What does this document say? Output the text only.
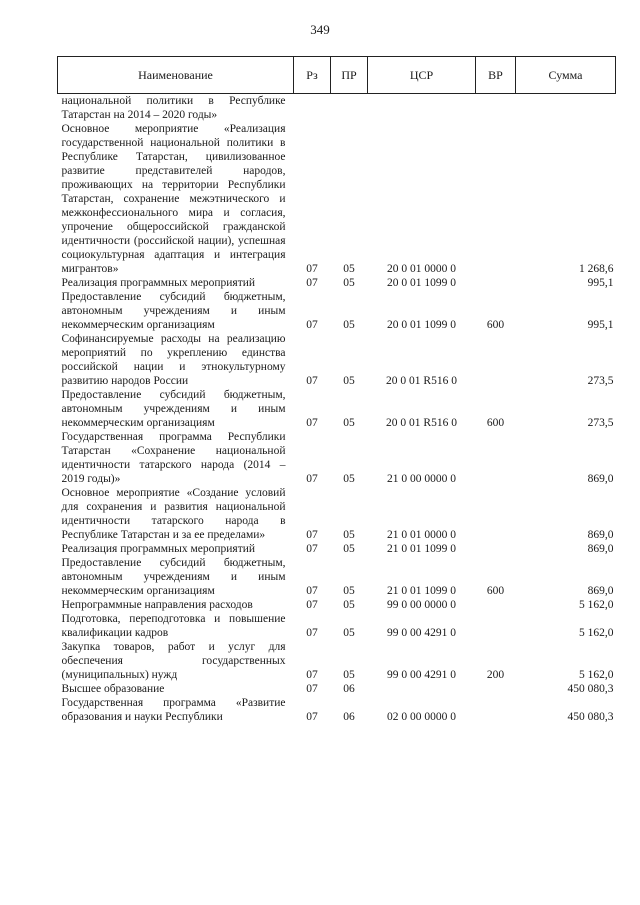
349
Наименование	Рз	ПР	ЦСР	ВР	Сумма
национальной политики в Республике Татарстан на 2014 – 2020 годы»					
Основное мероприятие «Реализация государственной национальной политики в Республике Татарстан, цивилизованное развитие представителей народов, проживающих на территории Республики Татарстан, сохранение межэтнического и межконфессионального мира и согласия, упрочение общероссийской гражданской идентичности (российской нации), успешная социокультурная адаптация и интеграция мигрантов»	07	05	20 0 01 0000 0		1 268,6
Реализация программных мероприятий	07	05	20 0 01 1099 0		995,1
Предоставление субсидий бюджетным, автономным учреждениям и иным некоммерческим организациям	07	05	20 0 01 1099 0	600	995,1
Софинансируемые расходы на реализацию мероприятий по укреплению единства российской нации и этнокультурному развитию народов России	07	05	20 0 01 R516 0		273,5
Предоставление субсидий бюджетным, автономным учреждениям и иным некоммерческим организациям	07	05	20 0 01 R516 0	600	273,5
Государственная программа Республики Татарстан «Сохранение национальной идентичности татарского народа (2014 – 2019 годы)»	07	05	21 0 00 0000 0		869,0
Основное мероприятие «Создание условий для сохранения и развития национальной идентичности татарского народа в Республике Татарстан и за ее пределами»	07	05	21 0 01 0000 0		869,0
Реализация программных мероприятий	07	05	21 0 01 1099 0		869,0
Предоставление субсидий бюджетным, автономным учреждениям и иным некоммерческим организациям	07	05	21 0 01 1099 0	600	869,0
Непрограммные направления расходов	07	05	99 0 00 0000 0		5 162,0
Подготовка, переподготовка и повышение квалификации кадров	07	05	99 0 00 4291 0		5 162,0
Закупка товаров, работ и услуг для обеспечения государственных (муниципальных) нужд	07	05	99 0 00 4291 0	200	5 162,0
Высшее образование	07	06			450 080,3
Государственная программа «Развитие образования и науки Республики	07	06	02 0 00 0000 0		450 080,3
